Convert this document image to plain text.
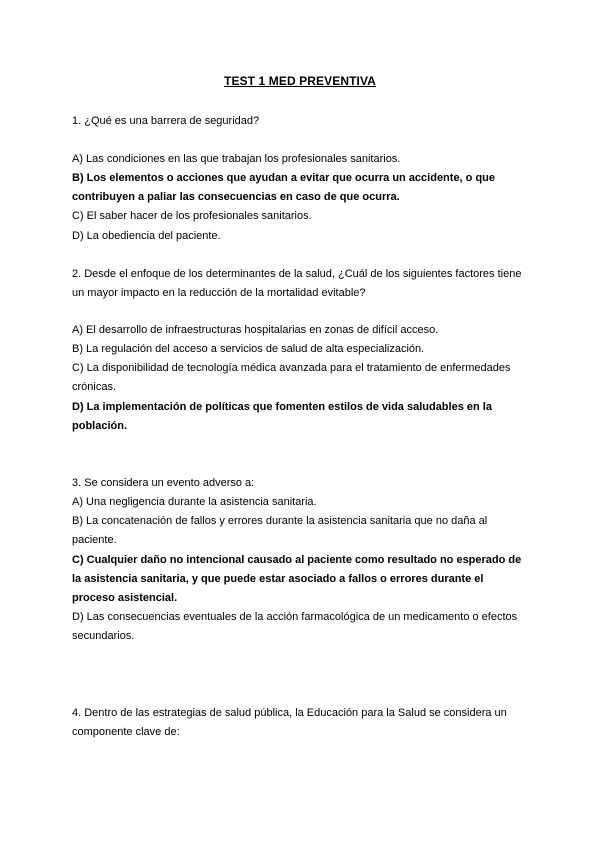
TEST 1 MED PREVENTIVA
1. ¿Qué es una barrera de seguridad?
A) Las condiciones en las que trabajan los profesionales sanitarios.
B) Los elementos o acciones que ayudan a evitar que ocurra un accidente, o que
contribuyen a paliar las consecuencias en caso de que ocurra.
C) El saber hacer de los profesionales sanitarios.
D) La obediencia del paciente.
2. Desde el enfoque de los determinantes de la salud, ¿Cuál de los siguientes factores tiene
un mayor impacto en la reducción de la mortalidad evitable?
A) El desarrollo de infraestructuras hospitalarias en zonas de difícil acceso.
B) La regulación del acceso a servicios de salud de alta especialización.
C) La disponibilidad de tecnología médica avanzada para el tratamiento de enfermedades
crónicas.
D) La implementación de políticas que fomenten estilos de vida saludables en la
población.
3. Se considera un evento adverso a:
A) Una negligencia durante la asistencia sanitaria.
B) La concatenación de fallos y errores durante la asistencia sanitaria que no daña al
paciente.
C) Cualquier daño no intencional causado al paciente como resultado no esperado de
la asistencia sanitaria, y que puede estar asociado a fallos o errores durante el
proceso asistencial.
D) Las consecuencias eventuales de la acción farmacológica de un medicamento o efectos
secundarios.
4. Dentro de las estrategias de salud pública, la Educación para la Salud se considera un
componente clave de:
